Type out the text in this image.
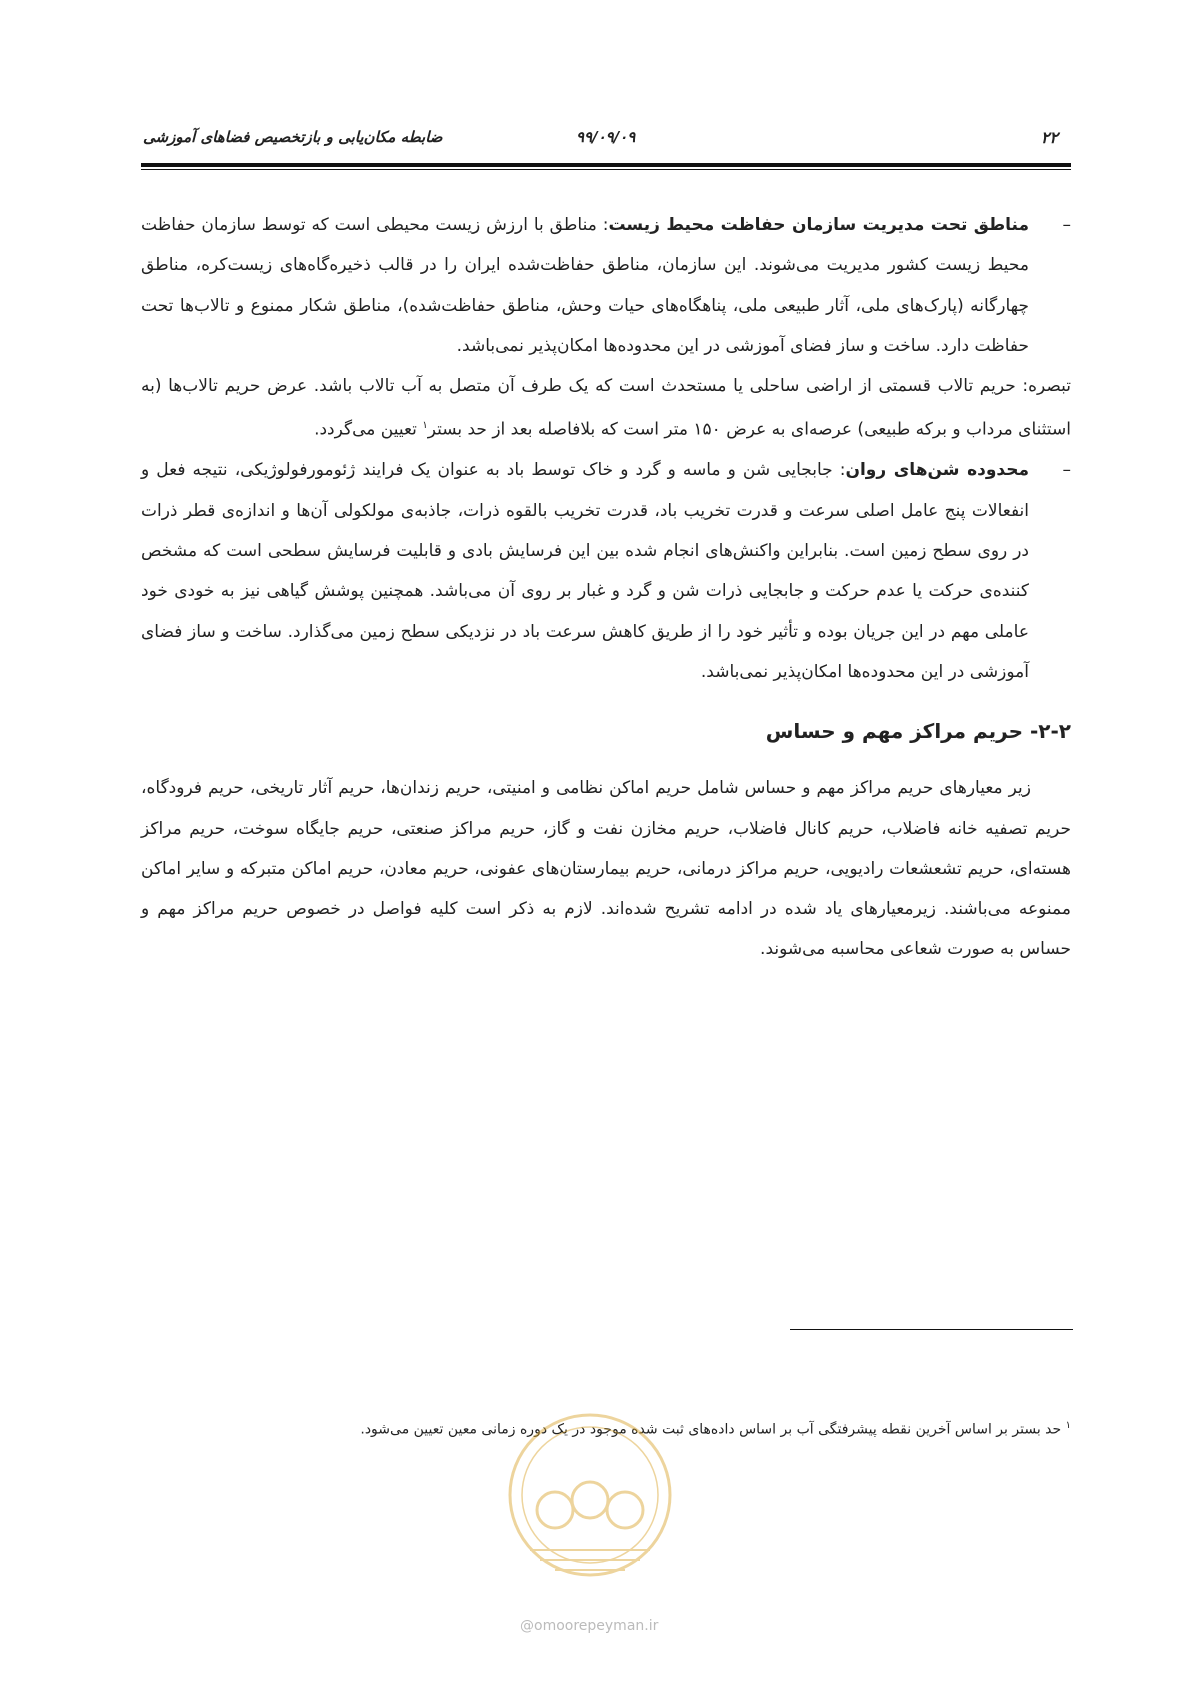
۲۲
۹۹/۰۹/۰۹
ضابطه مکان‌یابی و بازتخصیص فضاهای آموزشی
–

مناطق تحت مدیریت سازمان حفاظت محیط زیست: مناطق با ارزش زیست محیطی است که توسط سازمان حفاظت محیط زیست کشور مدیریت می‌شوند. این سازمان، مناطق حفاظت‌شده ایران را در قالب ذخیره‌گاه‌های زیست‌کره، مناطق چهارگانه (پارک‌های ملی، آثار طبیعی ملی، پناهگاه‌های حیات وحش، مناطق حفاظت‌شده)، مناطق شکار ممنوع و تالاب‌ها تحت حفاظت دارد. ساخت و ساز فضای آموزشی در این محدوده‌ها امکان‌پذیر نمی‌باشد.

تبصره: حریم تالاب قسمتی از اراضی ساحلی یا مستحدث است که یک طرف آن متصل به آب تالاب باشد. عرض حریم تالاب‌ها (به استثنای مرداب و برکه طبیعی) عرصه‌ای به عرض ۱۵۰ متر است که بلافاصله بعد از حد بستر$^۱$ تعیین می‌گردد.

–

محدوده شن‌های روان: جابجایی شن و ماسه و گرد و خاک توسط باد به عنوان یک فرایند ژئومورفولوژیکی، نتیجه فعل و انفعالات پنج عامل اصلی سرعت و قدرت تخریب باد، قدرت تخریب بالقوه ذرات، جاذبه‌ی مولکولی آن‌ها و اندازه‌ی قطر ذرات در روی سطح زمین است. بنابراین واکنش‌های انجام شده بین این فرسایش بادی و قابلیت فرسایش سطحی است که مشخص کننده‌ی حرکت یا عدم حرکت و جابجایی ذرات شن و گرد و غبار بر روی آن می‌باشد. همچنین پوشش گیاهی نیز به خودی خود عاملی مهم در این جریان بوده و تأثیر خود را از طریق کاهش سرعت باد در نزدیکی سطح زمین می‌گذارد. ساخت و ساز فضای آموزشی در این محدوده‌ها امکان‌پذیر نمی‌باشد.

۲-۲- حریم مراکز مهم و حساس

زیر معیارهای حریم مراکز مهم و حساس شامل حریم اماکن نظامی و امنیتی، حریم زندان‌ها، حریم آثار تاریخی، حریم فرودگاه، حریم تصفیه خانه فاضلاب، حریم کانال فاضلاب، حریم مخازن نفت و گاز، حریم مراکز صنعتی، حریم جایگاه سوخت، حریم مراکز هسته‌ای، حریم تشعشعات رادیویی، حریم مراکز درمانی، حریم بیمارستان‌های عفونی، حریم معادن، حریم اماکن متبرکه و سایر اماکن ممنوعه می‌باشند. زیرمعیارهای یاد شده در ادامه تشریح شده‌اند. لازم به ذکر است کلیه فواصل در خصوص حریم مراکز مهم و حساس به صورت شعاعی محاسبه می‌شوند.

$^۱$ حد بستر بر اساس آخرین نقطه پیشرفتگی آب بر اساس داده‌های ثبت شده موجود در یک دوره زمانی معین تعیین می‌شود.
@omoorepeyman.ir
